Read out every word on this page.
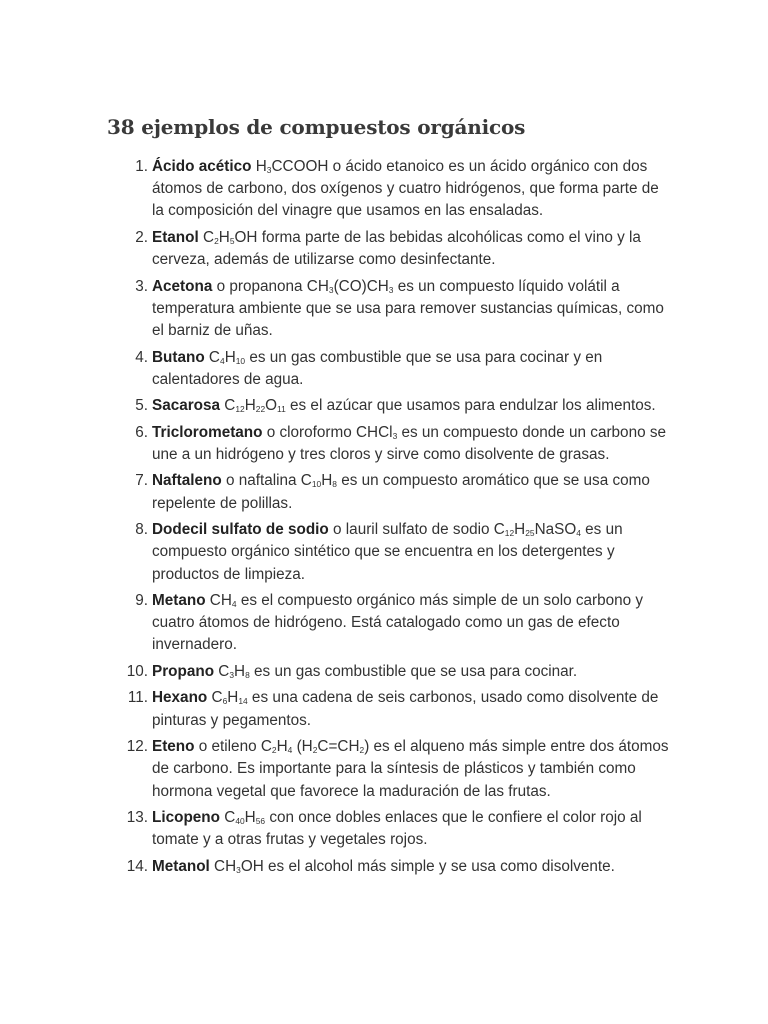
38 ejemplos de compuestos orgánicos
1. Ácido acético $H_3CCOOH$ o ácido etanoico es un ácido orgánico con dos átomos de carbono, dos oxígenos y cuatro hidrógenos, que forma parte de la composición del vinagre que usamos en las ensaladas.
2. Etanol $C_2H_5OH$ forma parte de las bebidas alcohólicas como el vino y la cerveza, además de utilizarse como desinfectante.
3. Acetona o propanona $CH_3(CO)CH_3$ es un compuesto líquido volátil a temperatura ambiente que se usa para remover sustancias químicas, como el barniz de uñas.
4. Butano $C_4H_{10}$ es un gas combustible que se usa para cocinar y en calentadores de agua.
5. Sacarosa $C_{12}H_{22}O_{11}$ es el azúcar que usamos para endulzar los alimentos.
6. Triclorometano o cloroformo CHCl$_3$ es un compuesto donde un carbono se une a un hidrógeno y tres cloros y sirve como disolvente de grasas.
7. Naftaleno o naftalina $C_{10}H_8$ es un compuesto aromático que se usa como repelente de polillas.
8. Dodecil sulfato de sodio o lauril sulfato de sodio $C_{12}H_{25}NaSO_4$ es un compuesto orgánico sintético que se encuentra en los detergentes y productos de limpieza.
9. Metano $CH_4$ es el compuesto orgánico más simple de un solo carbono y cuatro átomos de hidrógeno. Está catalogado como un gas de efecto invernadero.
10. Propano $C_3H_8$ es un gas combustible que se usa para cocinar.
11. Hexano $C_6H_{14}$ es una cadena de seis carbonos, usado como disolvente de pinturas y pegamentos.
12. Eteno o etileno $C_2H_4$ $(H_2C=CH_2)$ es el alqueno más simple entre dos átomos de carbono. Es importante para la síntesis de plásticos y también como hormona vegetal que favorece la maduración de las frutas.
13. Licopeno $C_{40}H_{56}$ con once dobles enlaces que le confiere el color rojo al tomate y a otras frutas y vegetales rojos.
14. Metanol $CH_3OH$ es el alcohol más simple y se usa como disolvente.
